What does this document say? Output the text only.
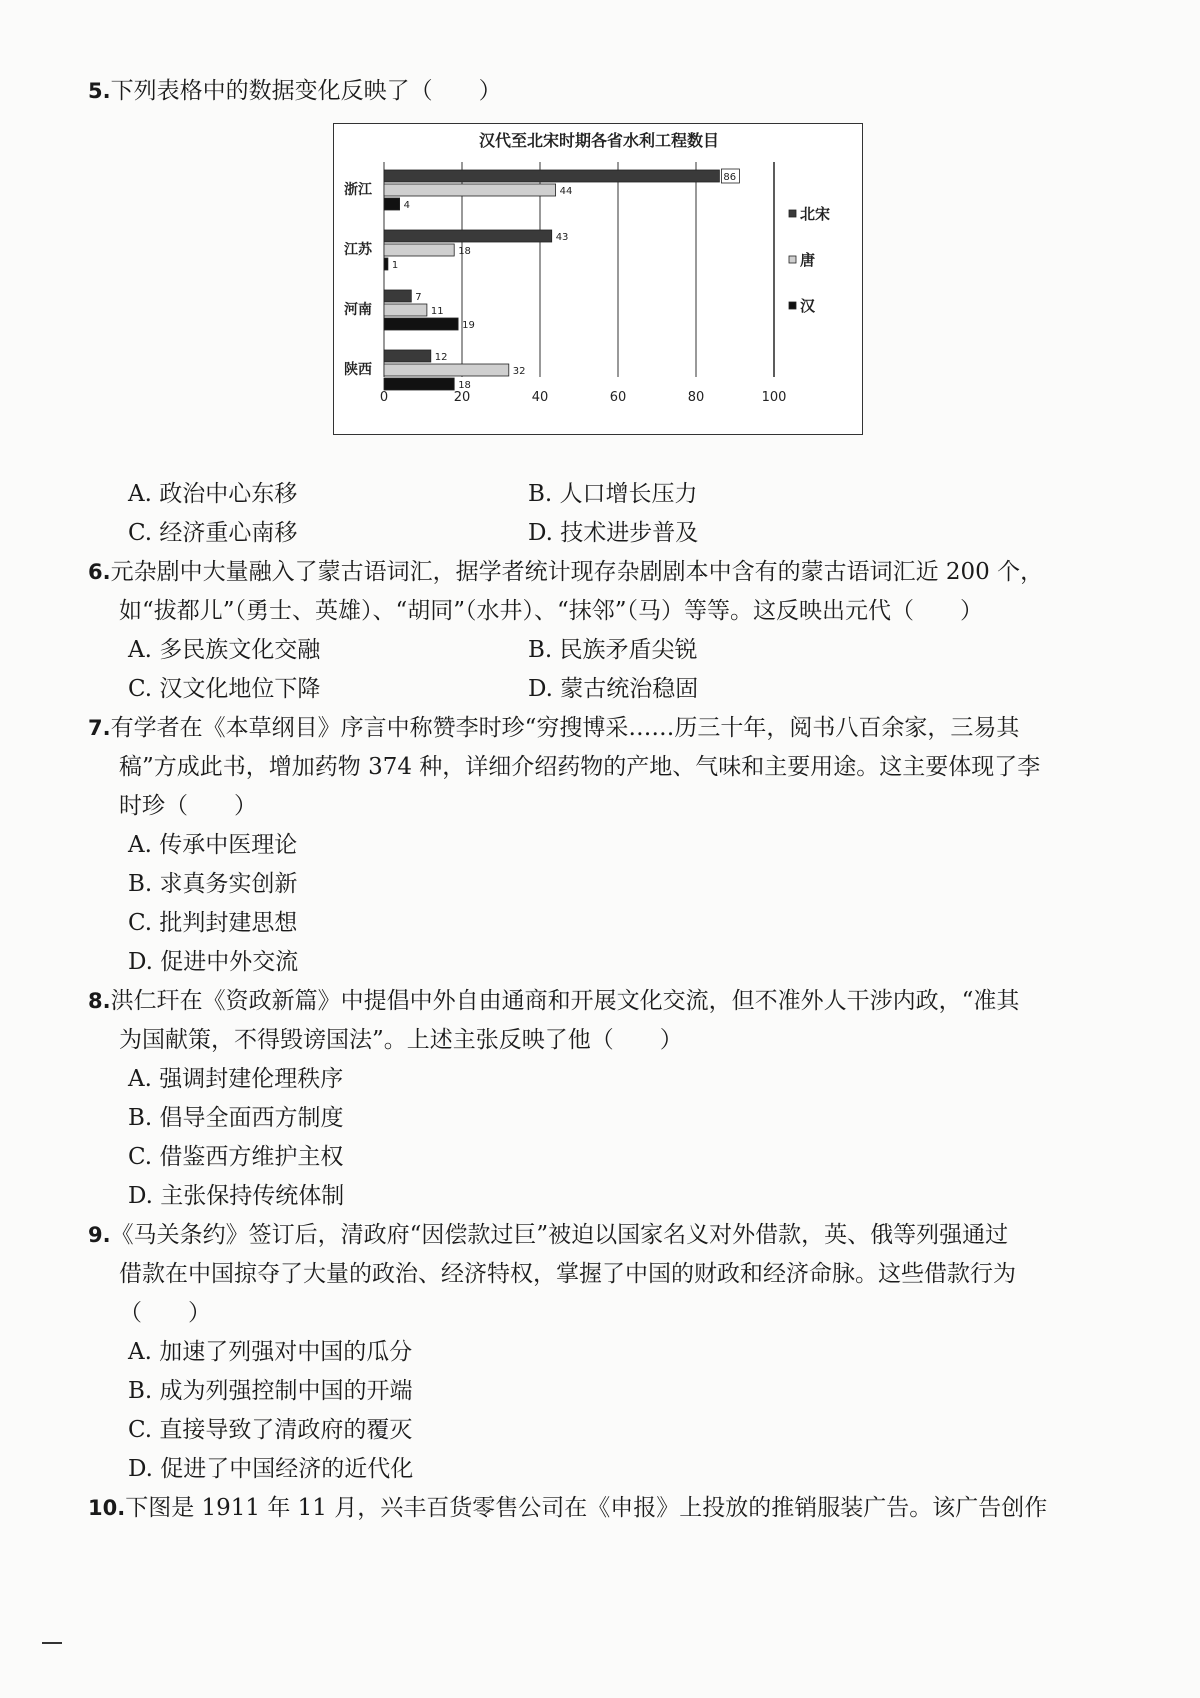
5.下列表格中的数据变化反映了（　　）
汉代至北宋时期各省水利工程数目
0	20	40	60	80	100
浙江
86
44
4
江苏
43
18
1
河南
7
11
19
陕西
12
32
18
北宋
唐
汉
A. 政治中心东移	B. 人口增长压力
C. 经济重心南移	D. 技术进步普及
6.元杂剧中大量融入了蒙古语词汇，据学者统计现存杂剧剧本中含有的蒙古语词汇近 200 个，
如“拔都儿”（勇士、英雄）、“胡同”（水井）、“抹邻”（马）等等。这反映出元代（　　）
A. 多民族文化交融	B. 民族矛盾尖锐
C. 汉文化地位下降	D. 蒙古统治稳固
7.有学者在《本草纲目》序言中称赞李时珍“穷搜博采……历三十年，阅书八百余家，三易其
稿”方成此书，增加药物 374 种，详细介绍药物的产地、气味和主要用途。这主要体现了李
时珍（　　）
A. 传承中医理论
B. 求真务实创新
C. 批判封建思想
D. 促进中外交流
8.洪仁玕在《资政新篇》中提倡中外自由通商和开展文化交流，但不准外人干涉内政，“准其
为国献策，不得毁谤国法”。上述主张反映了他（　　）
A. 强调封建伦理秩序
B. 倡导全面西方制度
C. 借鉴西方维护主权
D. 主张保持传统体制
9.《马关条约》签订后，清政府“因偿款过巨”被迫以国家名义对外借款，英、俄等列强通过
借款在中国掠夺了大量的政治、经济特权，掌握了中国的财政和经济命脉。这些借款行为
（　　）
A. 加速了列强对中国的瓜分
B. 成为列强控制中国的开端
C. 直接导致了清政府的覆灭
D. 促进了中国经济的近代化
10.下图是 1911 年 11 月，兴丰百货零售公司在《申报》上投放的推销服装广告。该广告创作
